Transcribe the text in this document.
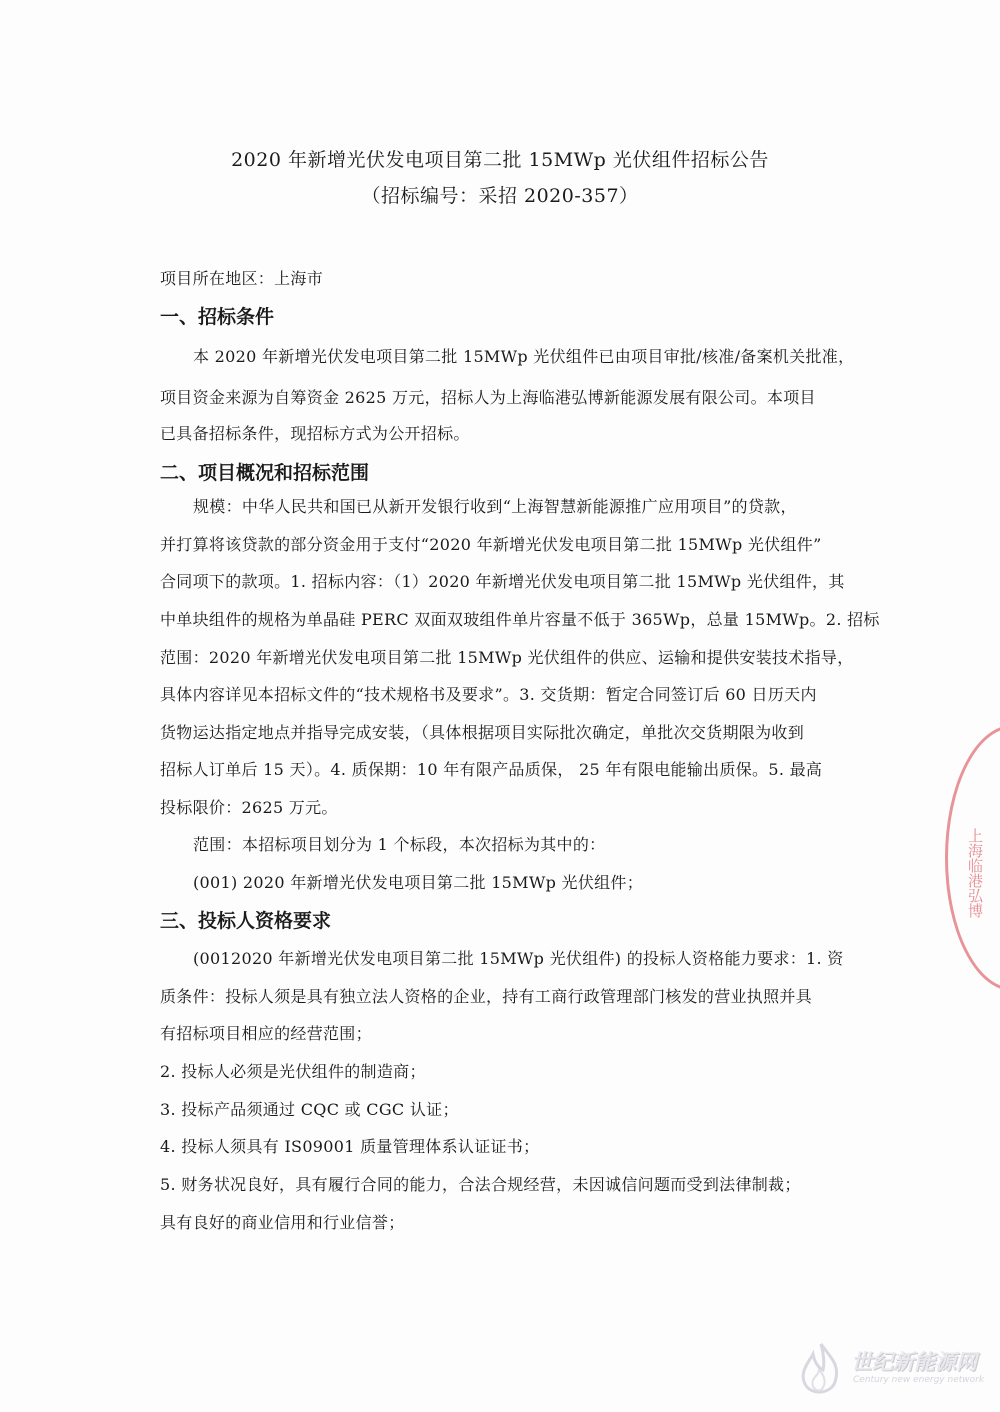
2020 年新增光伏发电项目第二批 15MWp 光伏组件招标公告
（招标编号：采招 2020-357）
项目所在地区：上海市
一、招标条件
本 2020 年新增光伏发电项目第二批 15MWp 光伏组件已由项目审批/核准/备案机关批准，
项目资金来源为自筹资金 2625 万元，招标人为上海临港弘博新能源发展有限公司。本项目
已具备招标条件，现招标方式为公开招标。
二、项目概况和招标范围
规模：中华人民共和国已从新开发银行收到“上海智慧新能源推广应用项目”的贷款，
并打算将该贷款的部分资金用于支付“2020 年新增光伏发电项目第二批 15MWp 光伏组件”
合同项下的款项。1. 招标内容：（1）2020 年新增光伏发电项目第二批 15MWp 光伏组件，其
中单块组件的规格为单晶硅 PERC 双面双玻组件单片容量不低于 365Wp，总量 15MWp。2. 招标
范围：2020 年新增光伏发电项目第二批 15MWp 光伏组件的供应、运输和提供安装技术指导，
具体内容详见本招标文件的“技术规格书及要求”。3. 交货期：暂定合同签订后 60 日历天内
货物运达指定地点并指导完成安装，（具体根据项目实际批次确定，单批次交货期限为收到
招标人订单后 15 天）。4. 质保期：10 年有限产品质保， 25 年有限电能输出质保。5. 最高
投标限价：2625 万元。
范围：本招标项目划分为 1 个标段，本次招标为其中的：
(001) 2020 年新增光伏发电项目第二批 15MWp 光伏组件；
三、投标人资格要求
(0012020 年新增光伏发电项目第二批 15MWp 光伏组件) 的投标人资格能力要求：1. 资
质条件：投标人须是具有独立法人资格的企业，持有工商行政管理部门核发的营业执照并具
有招标项目相应的经营范围；
2. 投标人必须是光伏组件的制造商；
3. 投标产品须通过 CQC 或 CGC 认证；
4. 投标人须具有 IS09001 质量管理体系认证证书；
5. 财务状况良好，具有履行合同的能力，合法合规经营，未因诚信问题而受到法律制裁；
具有良好的商业信用和行业信誉；
上海临港弘博
世纪新能源网
Century new energy network
